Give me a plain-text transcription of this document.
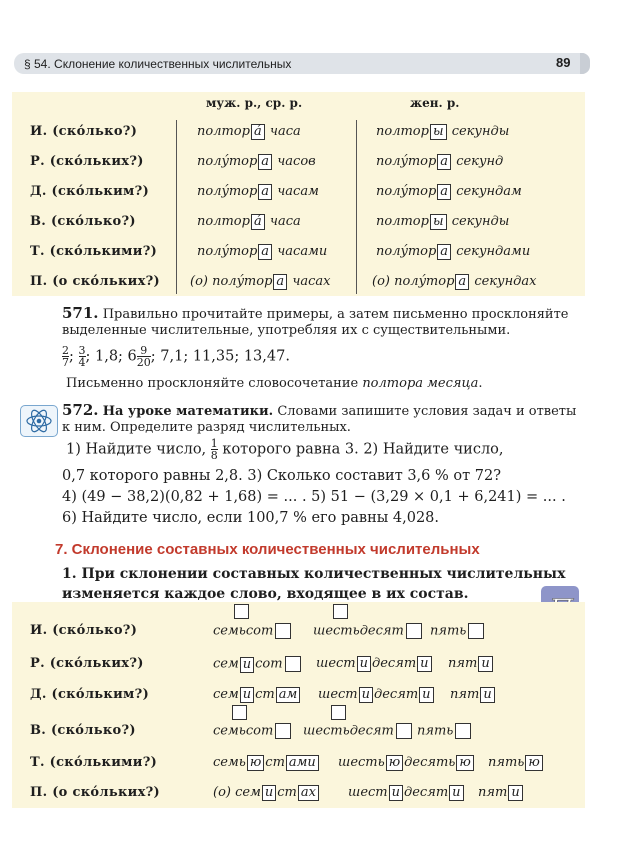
§ 54. Склонение количественных числительных	89
муж. р., ср. р.	жен. р.
И. (ско́лько?)	полтор á часа	полтор ы секунды
Р. (ско́льких?)	полýтор а часов	полýтор а секунд
Д. (ско́льким?)	полýтор а часам	полýтор а секундам
В. (ско́лько?)	полтор á часа	полтор ы секунды
Т. (ско́лькими?)	полýтор а часами	полýтор а секундами
П. (о ско́льких?) (о) полýтор а часах	(о) полýтор а секундах
571. Правильно прочитайте примеры, а затем письменно просклоняйте выделенные числительные, употребляя их с существительными.
$\frac{2}{7}$ ; $\frac{3}{4}$ ; 1,8; $6 \frac{9}{20}$ ; 7,1; 11,35; 13,47.
Письменно просклоняйте словосочетание полтора месяца.
572. На уроке математики. Словами запишите условия задач и ответы к ним. Определите разряд числительных.
1) Найдите число, $\frac{1}{8}$ которого равна 3. 2) Найдите число,
0,7 которого равны 2,8. 3) Сколько составит 3,6 % от 72?
4) (49 − 38,2)(0,82 + 1,68) = ... . 5) 51 − (3,29 × 0,1 + 6,241) = ... .
6) Найдите число, если 100,7 % его равны 4,028.
7. Склонение составных количественных числительных
1. При склонении составных количественных числительных изменяется каждое слово, входящее в их состав.
И. (ско́лько?)	семьсот	шестьдесят	пять
Р. (ско́льких?)	сем и сот	шест и десят и	пят и
Д. (ско́льким?)	сем и ст ам	шест и десят и	пят и
В. (ско́лько?)	семьсот	шестьдесят	пять
Т. (ско́лькими?)	семь ю ст ами	шесть ю десять ю	пять ю
П. (о ско́льких?)	(о) сем и ст ах	шест и десят и	пят и
